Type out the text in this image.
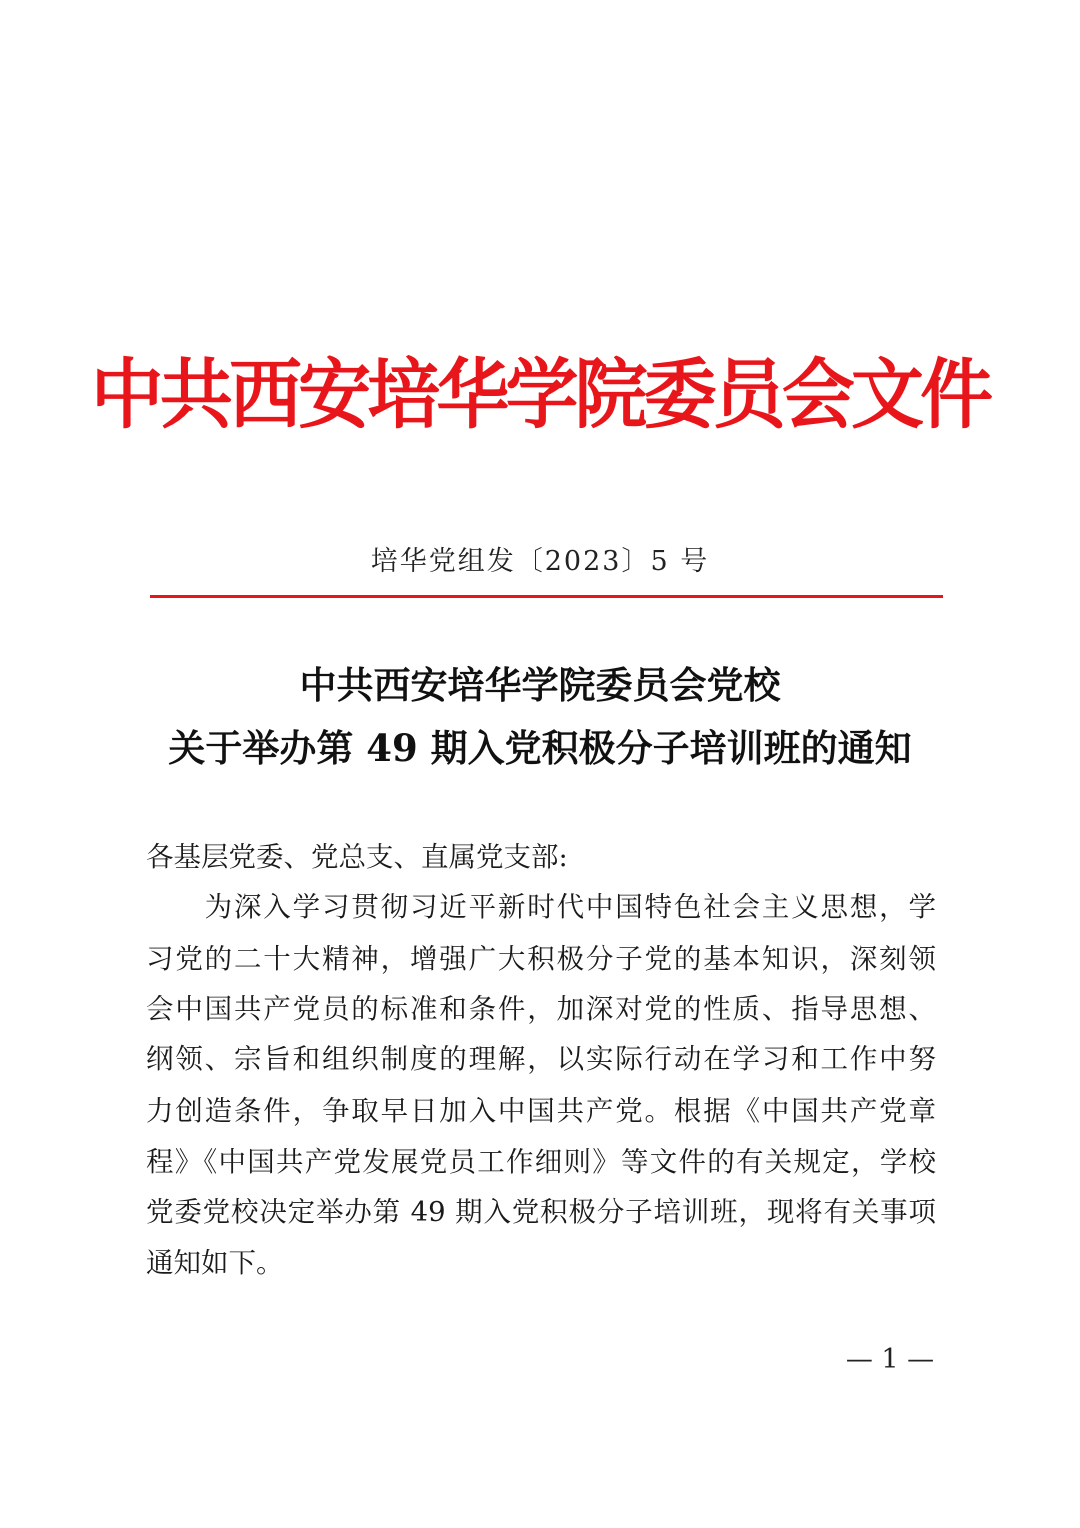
中共西安培华学院委员会文件
培华党组发〔2023〕5 号
中共西安培华学院委员会党校
关于举办第 49 期入党积极分子培训班的通知
各基层党委、党总支、直属党支部:
　　为深入学习贯彻习近平新时代中国特色社会主义思想，学
习党的二十大精神，增强广大积极分子党的基本知识，深刻领
会中国共产党员的标准和条件，加深对党的性质、指导思想、
纲领、宗旨和组织制度的理解，以实际行动在学习和工作中努
力创造条件，争取早日加入中国共产党。根据《中国共产党章
程》《中国共产党发展党员工作细则》等文件的有关规定，学校
党委党校决定举办第 49 期入党积极分子培训班，现将有关事项
通知如下。
— 1 —
